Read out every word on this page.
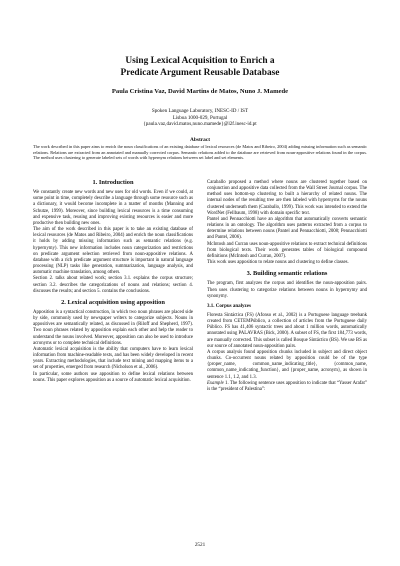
Using Lexical Acquisition to Enrich a
Predicate Argument Reusable Database
Paula Cristina Vaz, David Martins de Matos, Nuno J. Mamede
Spoken Language Laboratory, INESC-ID / IST
Lisboa 1000-029, Portugal
{paula.vaz,david.matos,nuno.mamede}@l2f.inesc-id.pt
Abstract
The work described in this paper aims to enrich the noun classifications of an existing database of lexical resources (de Matos and Ribeiro, 2004) adding missing information such as semantic relations. Relations are extracted from an annotated and manually corrected corpus. Semantic relations added to the database are retrieved from noun-appositive relations found in the corpus. The method uses clustering to generate labeled sets of words with hypernym relations between set label and set elements.
1. Introduction

We constantly create new words and new uses for old words. Even if we could, at some point in time, completely describe a language through some resource such as a dictionary, it would become incomplete in a matter of months (Manning and Schutze, 1999). Moreover, since building lexical resources is a time consuming and expensive task, reusing and improving existing resources is easier and more productive then building new ones.

The aim of the work described in this paper is to take an existing database of lexical resources (de Matos and Ribeiro, 2004) and enrich the noun classifications it holds by adding missing information such as semantic relations (e.g. hypernymy). This new information includes noun categorization and restrictions on predicate argument selection retrieved from noun-appositive relations. A database with a rich predicate argument structure is important in natural language processing (NLP) tasks like generation, summarization, language analysis, and automatic machine translation, among others.

Section 2. talks about related work; section 3.1. explains the corpus structure; section 3.2. describes the categorizations of nouns and relations; section 4. discusses the results; and section 5. contains the conclusions.

2. Lexical acquisition using apposition

Apposition is a syntactical construction, in which two noun phrases are placed side by side, commonly used by newspaper writers to categorize subjects. Nouns in appositives are semantically related, as discussed in (Riloff and Shepherd, 1997). Two noun phrases related by apposition explain each other and help the reader to understand the nouns involved. Moreover, apposition can also be used to introduce acronyms or to complete technical definitions.

Automatic lexical acquisition is the ability that computers have to learn lexical information from machine-readable texts, and has been widely developed in recent years. Extracting methodologies, that include text mining and mapping items to a set of properties, emerged from research (Nicholson et al., 2006).

In particular, some authors use apposition to define lexical relations between nouns. This paper explores apposition as a source of automatic lexical acquisition.

Caraballo proposed a method where nouns are clustered together based on conjunction and appositive data collected from the Wall Street Journal corpus. The method uses bottom-up clustering to built a hierarchy of related nouns. The internal nodes of the resulting tree are then labeled with hypernyms for the nouns clustered underneath them (Caraballo, 1999). This work was intended to extend the WordNet (Fellbaum, 1998) with domain specific text.

Pantel and Pennacchiotti have an algorithm that automatically converts semantic relations in an ontology. The algorithm uses patterns extracted from a corpus to determine relations between nouns (Pantel and Pennacchiotti, 2008; Pennacchiotti and Pantel, 2006).

McIntosh and Curran uses noun-appositive relations to extract technical definitions from biological texts. Their work generates tables of biological compound definitions (McIntosh and Curran, 2007).

This work uses apposition to relate nouns and clustering to define classes.

3. Building semantic relations

The program, first analyzes the corpus and identifies the noun-apposition pairs. Then uses clustering to categorize relations between nouns in hypernymy and synonymy.

3.1. Corpus analyzes

Floresta Sintáctica (FS) (Afonso et al., 2002) is a Portuguese language treebank created from CETEMPúblico, a collection of articles from the Portuguese daily Público. FS has 41,406 syntactic trees and about 1 million words, automatically annotated using PALAVRAS (Bick, 2000). A subset of FS, the first 184,773 words, are manually corrected. This subset is called Bosque Sintáctico (BS). We use BS as our source of annotated noun-apposition pairs.

A corpus analysis found apposition chunks included in subject and direct object chunks. Co-occurrent nouns related by apposition could be of the type {proper_name, common_name_indicating_title}, {common_name, common_name_indicating_function}, and {proper_name, acronym}, as shown in sentence 1.1, 1.2, and 1.3.

Example 1. The following sentence uses apposition to indicate that “Yasser Arafat” is the “president of Palestina”:

2521
